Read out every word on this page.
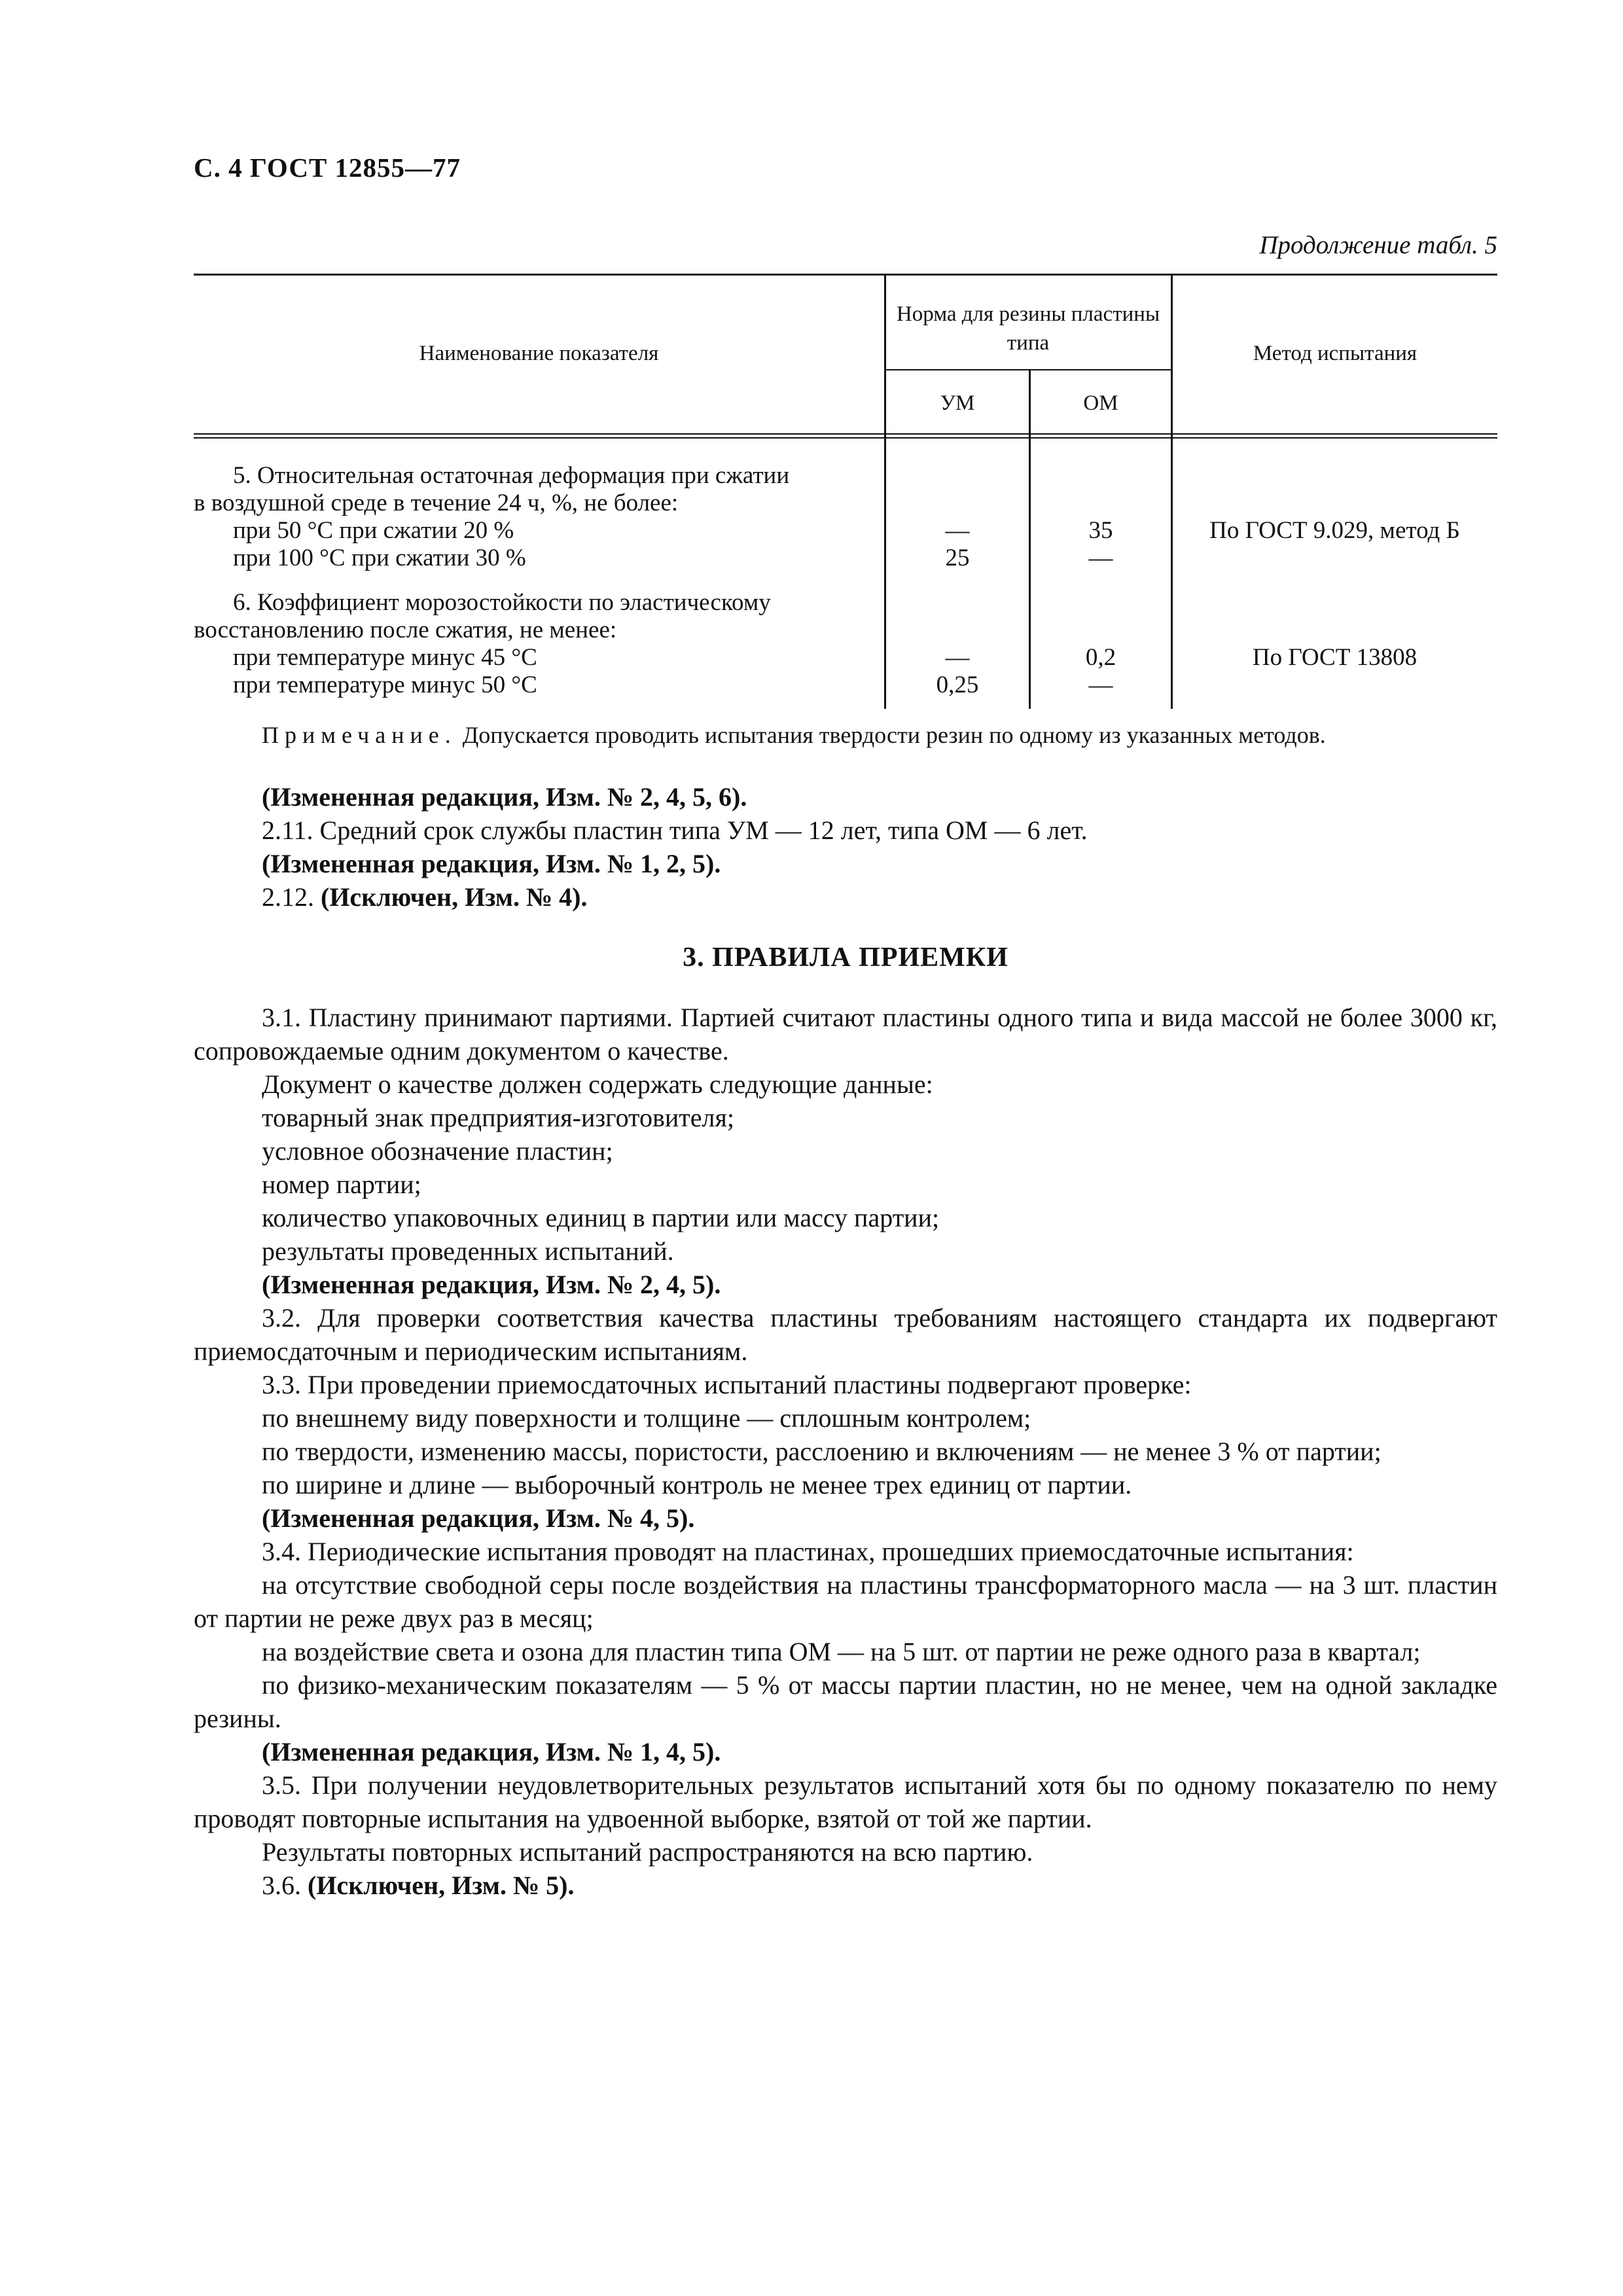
С. 4 ГОСТ 12855—77
Продолжение табл. 5
Наименование показателя
Норма для резины пластины типа
УМ	ОМ
Метод испытания
5. Относительная остаточная деформация при сжатии
в воздушной среде в течение 24 ч, %, не более:
при 50 °С при сжатии 20 %
при 100 °С при сжатии 30 %
—
25
35
—
По ГОСТ 9.029, метод Б
6. Коэффициент морозостойкости по эластическому
восстановлению после сжатия, не менее:
при температуре минус 45 °С
при температуре минус 50 °С
—
0,25
0,2
—
По ГОСТ 13808
Примечание. Допускается проводить испытания твердости резин по одному из указанных методов.

(Измененная редакция, Изм. № 2, 4, 5, 6).

2.11. Средний срок службы пластин типа УМ — 12 лет, типа ОМ — 6 лет.

(Измененная редакция, Изм. № 1, 2, 5).

2.12. (Исключен, Изм. № 4).

3. ПРАВИЛА ПРИЕМКИ

3.1. Пластину принимают партиями. Партией считают пластины одного типа и вида массой не более 3000 кг, сопровождаемые одним документом о качестве.

Документ о качестве должен содержать следующие данные:

товарный знак предприятия-изготовителя;

условное обозначение пластин;

номер партии;

количество упаковочных единиц в партии или массу партии;

результаты проведенных испытаний.

(Измененная редакция, Изм. № 2, 4, 5).

3.2. Для проверки соответствия качества пластины требованиям настоящего стандарта их подвергают приемосдаточным и периодическим испытаниям.

3.3. При проведении приемосдаточных испытаний пластины подвергают проверке:

по внешнему виду поверхности и толщине — сплошным контролем;

по твердости, изменению массы, пористости, расслоению и включениям — не менее 3 % от партии;

по ширине и длине — выборочный контроль не менее трех единиц от партии.

(Измененная редакция, Изм. № 4, 5).

3.4. Периодические испытания проводят на пластинах, прошедших приемосдаточные испытания:

на отсутствие свободной серы после воздействия на пластины трансформаторного масла — на 3 шт. пластин от партии не реже двух раз в месяц;

на воздействие света и озона для пластин типа ОМ — на 5 шт. от партии не реже одного раза в квартал;

по физико-механическим показателям — 5 % от массы партии пластин, но не менее, чем на одной закладке резины.

(Измененная редакция, Изм. № 1, 4, 5).

3.5. При получении неудовлетворительных результатов испытаний хотя бы по одному показателю по нему проводят повторные испытания на удвоенной выборке, взятой от той же партии.

Результаты повторных испытаний распространяются на всю партию.

3.6. (Исключен, Изм. № 5).
